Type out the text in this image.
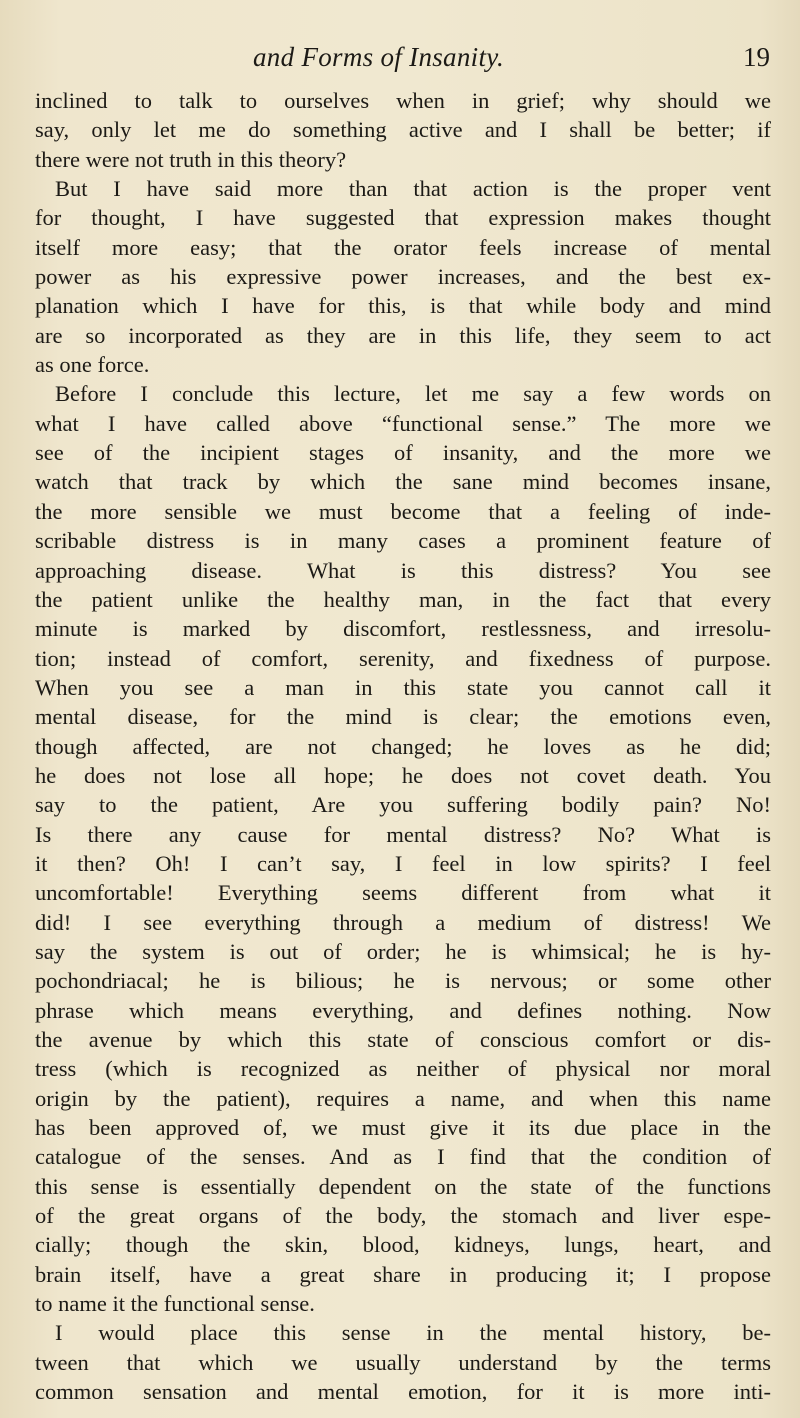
and Forms of Insanity.	19
inclined to talk to ourselves when in grief; why should we
say, only let me do something active and I shall be better; if
there were not truth in this theory?
But I have said more than that action is the proper vent
for thought, I have suggested that expression makes thought
itself more easy; that the orator feels increase of mental
power as his expressive power increases, and the best ex-
planation which I have for this, is that while body and mind
are so incorporated as they are in this life, they seem to act
as one force.
Before I conclude this lecture, let me say a few words on
what I have called above “functional sense.” The more we
see of the incipient stages of insanity, and the more we
watch that track by which the sane mind becomes insane,
the more sensible we must become that a feeling of inde-
scribable distress is in many cases a prominent feature of
approaching disease. What is this distress? You see
the patient unlike the healthy man, in the fact that every
minute is marked by discomfort, restlessness, and irresolu-
tion; instead of comfort, serenity, and fixedness of purpose.
When you see a man in this state you cannot call it
mental disease, for the mind is clear; the emotions even,
though affected, are not changed; he loves as he did;
he does not lose all hope; he does not covet death. You
say to the patient, Are you suffering bodily pain? No!
Is there any cause for mental distress? No? What is
it then? Oh! I can’t say, I feel in low spirits? I feel
uncomfortable! Everything seems different from what it
did! I see everything through a medium of distress! We
say the system is out of order; he is whimsical; he is hy-
pochondriacal; he is bilious; he is nervous; or some other
phrase which means everything, and defines nothing. Now
the avenue by which this state of conscious comfort or dis-
tress (which is recognized as neither of physical nor moral
origin by the patient), requires a name, and when this name
has been approved of, we must give it its due place in the
catalogue of the senses. And as I find that the condition of
this sense is essentially dependent on the state of the functions
of the great organs of the body, the stomach and liver espe-
cially; though the skin, blood, kidneys, lungs, heart, and
brain itself, have a great share in producing it; I propose
to name it the functional sense.
I would place this sense in the mental history, be-
tween that which we usually understand by the terms
common sensation and mental emotion, for it is more inti-
